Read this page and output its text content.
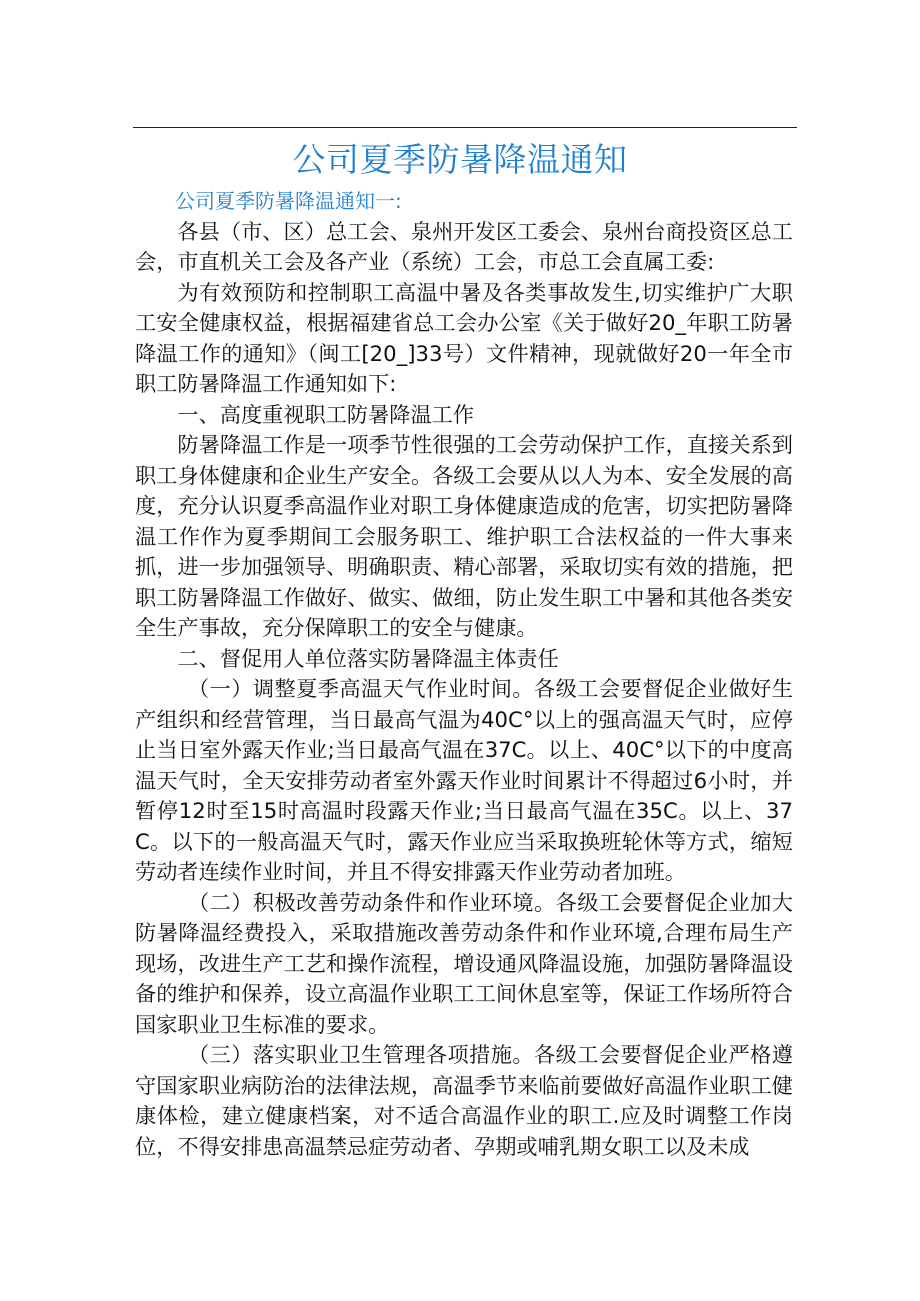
公司夏季防暑降温通知

公司夏季防暑降温通知一:

各县（市、区）总工会、泉州开发区工委会、泉州台商投资区总工会，市直机关工会及各产业（系统）工会，市总工会直属工委:

为有效预防和控制职工高温中暑及各类事故发生,切实维护广大职工安全健康权益，根据福建省总工会办公室《关于做好20_年职工防暑降温工作的通知》（闽工[20_]33号）文件精神，现就做好20一年全市职工防暑降温工作通知如下:

一、高度重视职工防暑降温工作

防暑降温工作是一项季节性很强的工会劳动保护工作，直接关系到职工身体健康和企业生产安全。各级工会要从以人为本、安全发展的高度，充分认识夏季高温作业对职工身体健康造成的危害，切实把防暑降温工作作为夏季期间工会服务职工、维护职工合法权益的一件大事来抓，进一步加强领导、明确职责、精心部署，采取切实有效的措施，把职工防暑降温工作做好、做实、做细，防止发生职工中暑和其他各类安全生产事故，充分保障职工的安全与健康。

二、督促用人单位落实防暑降温主体责任

（一）调整夏季高温天气作业时间。各级工会要督促企业做好生产组织和经营管理，当日最高气温为40C°以上的强高温天气时，应停止当日室外露天作业;当日最高气温在37C。以上、40C°以下的中度高温天气时，全天安排劳动者室外露天作业时间累计不得超过6小时，并暂停12时至15时高温时段露天作业;当日最高气温在35C。以上、37C。以下的一般高温天气时，露天作业应当采取换班轮休等方式，缩短劳动者连续作业时间，并且不得安排露天作业劳动者加班。

（二）积极改善劳动条件和作业环境。各级工会要督促企业加大防暑降温经费投入，采取措施改善劳动条件和作业环境,合理布局生产现场，改进生产工艺和操作流程，增设通风降温设施，加强防暑降温设备的维护和保养，设立高温作业职工工间休息室等，保证工作场所符合国家职业卫生标准的要求。

（三）落实职业卫生管理各项措施。各级工会要督促企业严格遵守国家职业病防治的法律法规，高温季节来临前要做好高温作业职工健康体检，建立健康档案，对不适合高温作业的职工.应及时调整工作岗位，不得安排患高温禁忌症劳动者、孕期或哺乳期女职工以及未成
